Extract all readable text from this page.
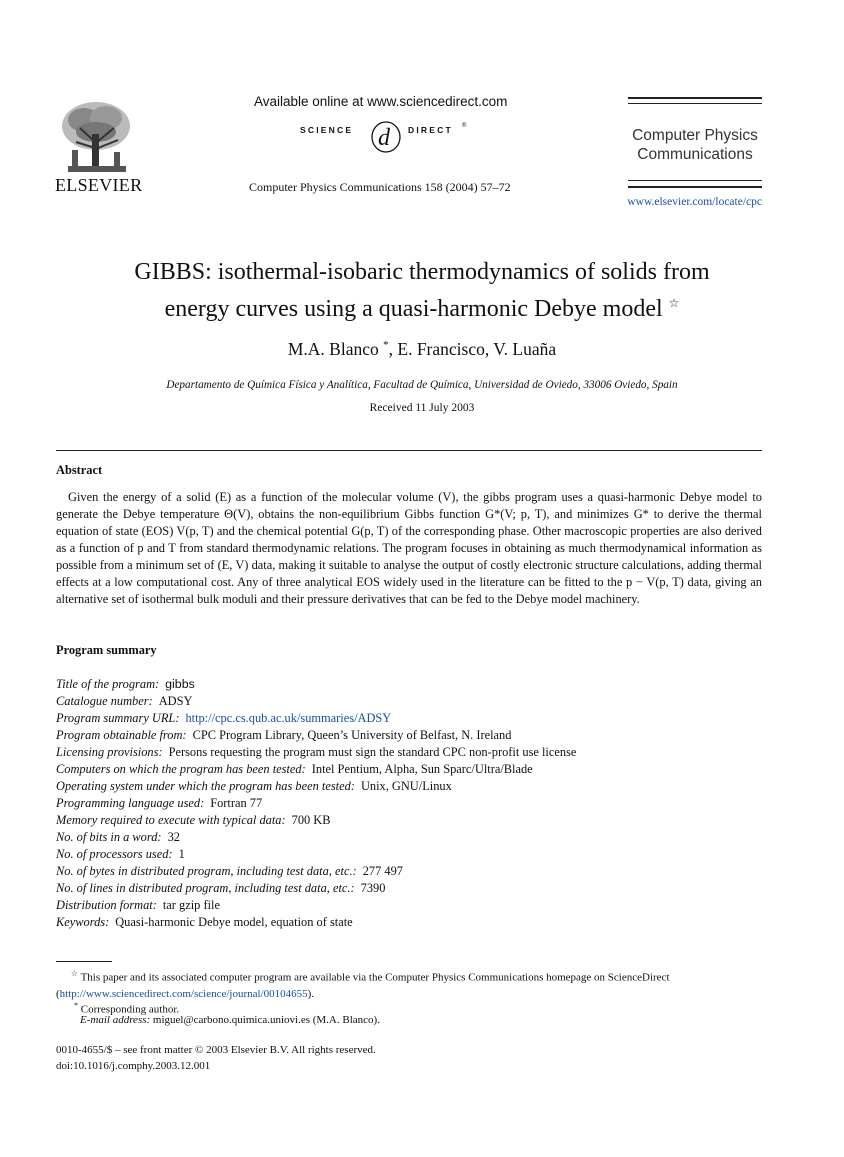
ELSEVIER
Available online at www.sciencedirect.com
SCIENCE d DIRECT ®
Computer Physics Communications 158 (2004) 57–72
Computer Physics
Communications
www.elsevier.com/locate/cpc
GIBBS: isothermal-isobaric thermodynamics of solids from
energy curves using a quasi-harmonic Debye model ☆
M.A. Blanco *, E. Francisco, V. Luaña
Departamento de Química Física y Analítica, Facultad de Química, Universidad de Oviedo, 33006 Oviedo, Spain
Received 11 July 2003
Abstract

Given the energy of a solid (E) as a function of the molecular volume (V), the gibbs program uses a quasi-harmonic Debye model to generate the Debye temperature Θ(V), obtains the non-equilibrium Gibbs function G*(V; p, T), and minimizes G* to derive the thermal equation of state (EOS) V(p, T) and the chemical potential G(p, T) of the corresponding phase. Other macroscopic properties are also derived as a function of p and T from standard thermodynamic relations. The program focuses in obtaining as much thermodynamical information as possible from a minimum set of (E, V) data, making it suitable to analyse the output of costly electronic structure calculations, adding thermal effects at a low computational cost. Any of three analytical EOS widely used in the literature can be fitted to the p − V(p, T) data, giving an alternative set of isothermal bulk moduli and their pressure derivatives that can be fed to the Debye model machinery.

Program summary
Title of the program: gibbs
Catalogue number: ADSY
Program summary URL: http://cpc.cs.qub.ac.uk/summaries/ADSY
Program obtainable from: CPC Program Library, Queen’s University of Belfast, N. Ireland
Licensing provisions: Persons requesting the program must sign the standard CPC non-profit use license
Computers on which the program has been tested: Intel Pentium, Alpha, Sun Sparc/Ultra/Blade
Operating system under which the program has been tested: Unix, GNU/Linux
Programming language used: Fortran 77
Memory required to execute with typical data: 700 KB
No. of bits in a word: 32
No. of processors used: 1
No. of bytes in distributed program, including test data, etc.: 277 497
No. of lines in distributed program, including test data, etc.: 7390
Distribution format: tar gzip file
Keywords: Quasi-harmonic Debye model, equation of state
☆ This paper and its associated computer program are available via the Computer Physics Communications homepage on ScienceDirect
(http://www.sciencedirect.com/science/journal/00104655).
* Corresponding author.
E-mail address: miguel@carbono.quimica.uniovi.es (M.A. Blanco).
0010-4655/$ – see front matter © 2003 Elsevier B.V. All rights reserved.
doi:10.1016/j.comphy.2003.12.001
